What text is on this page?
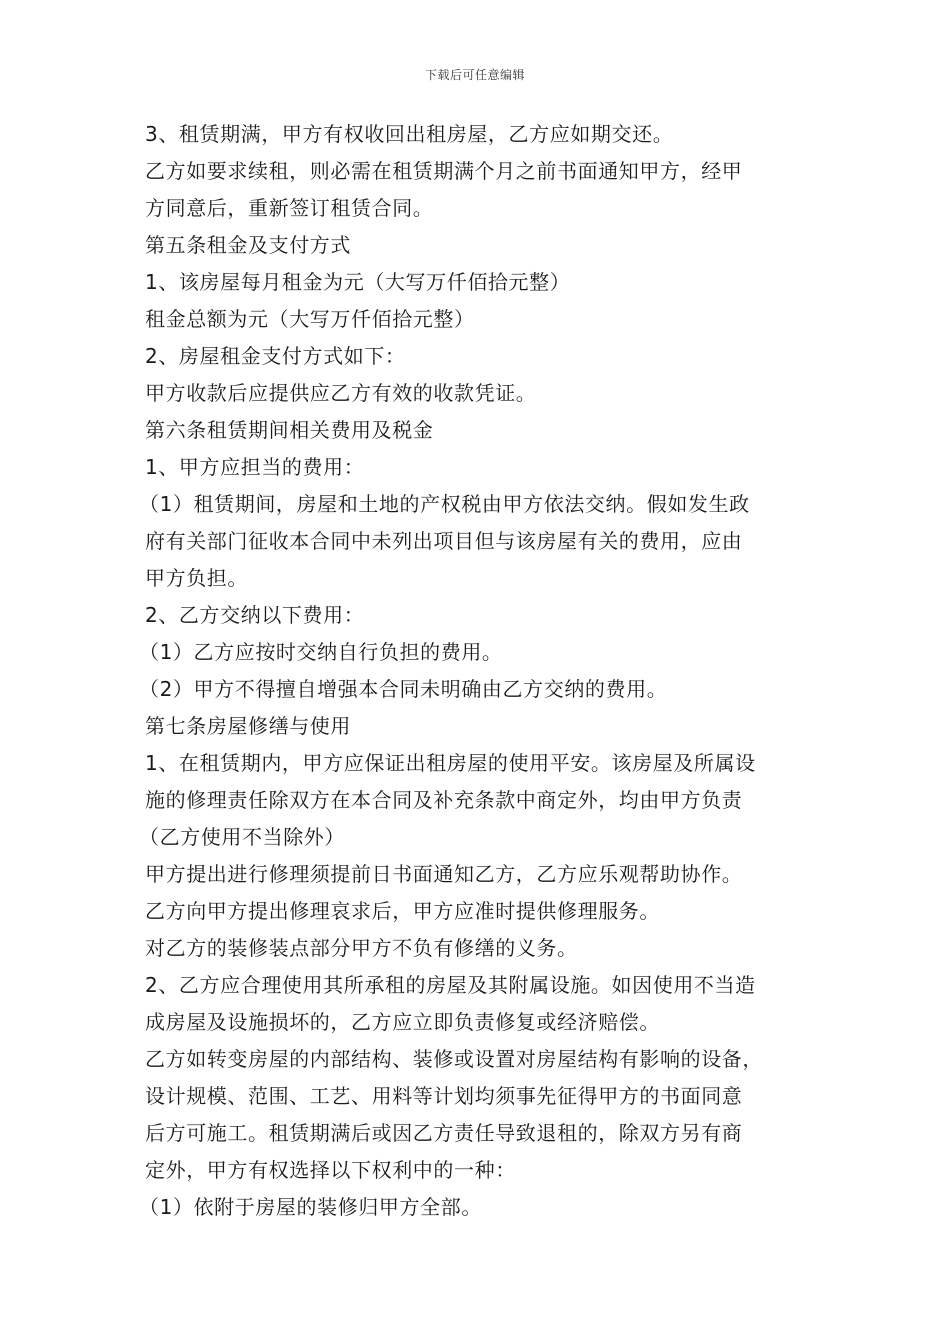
下载后可任意编辑
3、租赁期满，甲方有权收回出租房屋，乙方应如期交还。
乙方如要求续租，则必需在租赁期满个月之前书面通知甲方，经甲
方同意后，重新签订租赁合同。
第五条租金及支付方式
1、该房屋每月租金为元（大写万仟佰拾元整）
租金总额为元（大写万仟佰拾元整）
2、房屋租金支付方式如下：
甲方收款后应提供应乙方有效的收款凭证。
第六条租赁期间相关费用及税金
1、甲方应担当的费用：
（1）租赁期间，房屋和土地的产权税由甲方依法交纳。假如发生政
府有关部门征收本合同中未列出项目但与该房屋有关的费用，应由
甲方负担。
2、乙方交纳以下费用：
（1）乙方应按时交纳自行负担的费用。
（2）甲方不得擅自增强本合同未明确由乙方交纳的费用。
第七条房屋修缮与使用
1、在租赁期内，甲方应保证出租房屋的使用平安。该房屋及所属设
施的修理责任除双方在本合同及补充条款中商定外，均由甲方负责
（乙方使用不当除外）
甲方提出进行修理须提前日书面通知乙方，乙方应乐观帮助协作。
乙方向甲方提出修理哀求后，甲方应准时提供修理服务。
对乙方的装修装点部分甲方不负有修缮的义务。
2、乙方应合理使用其所承租的房屋及其附属设施。如因使用不当造
成房屋及设施损坏的，乙方应立即负责修复或经济赔偿。
乙方如转变房屋的内部结构、装修或设置对房屋结构有影响的设备，
设计规模、范围、工艺、用料等计划均须事先征得甲方的书面同意
后方可施工。租赁期满后或因乙方责任导致退租的，除双方另有商
定外，甲方有权选择以下权利中的一种：
（1）依附于房屋的装修归甲方全部。
